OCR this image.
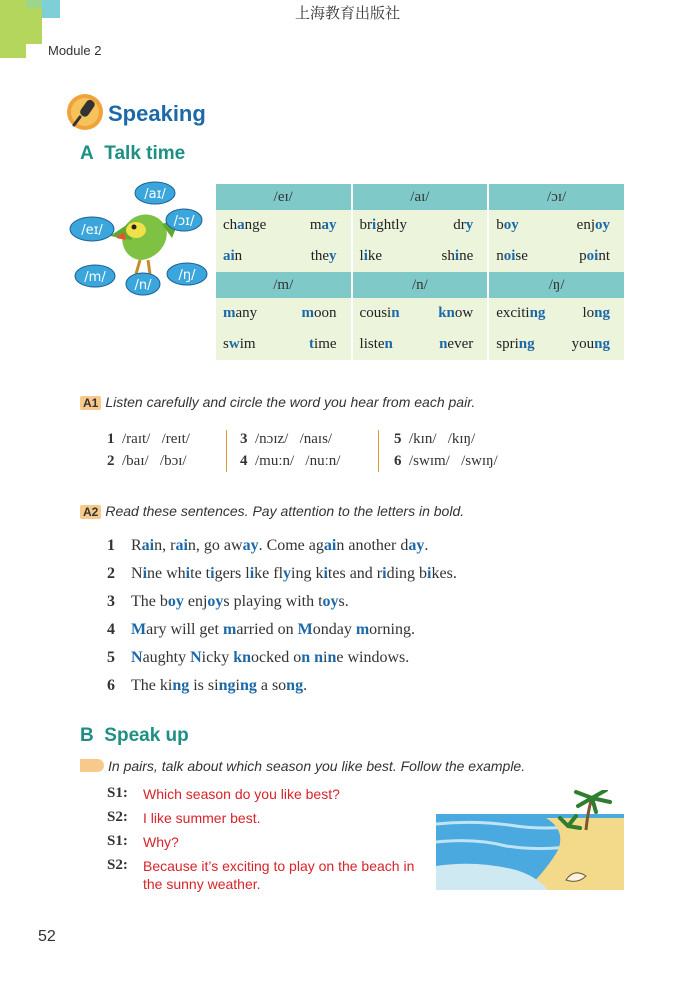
上海教育出版社
Module 2
Speaking
A Talk time
/aɪ/
/ɔɪ/
/eɪ/
/ŋ/
/m/
/n/
/eɪ/	/aɪ/	/ɔɪ/

change may	brightly dry	boy enjoy

ain they	like shine	noise point

/m/	/n/	/ŋ/

many moon	cousin know	exciting long

swim time	listen never	spring young
A1 Listen carefully and circle the word you hear from each pair.
1 /raɪt/ /reɪt/
2 /baɪ/ /bɔɪ/
3 /nɔɪz/ /naɪs/
4 /muːn/ /nuːn/
5 /kɪn/ /kɪŋ/
6 /swɪm/ /swɪŋ/
A2 Read these sentences. Pay attention to the letters in bold.
1 Rain, rain, go away. Come again another day.
2 Nine white tigers like flying kites and riding bikes.
3 The boy enjoys playing with toys.
4 Mary will get married on Monday morning.
5 Naughty Nicky knocked on nine windows.
6 The king is singing a song.
B Speak up
In pairs, talk about which season you like best. Follow the example.
S1: Which season do you like best?
S2: I like summer best.
S1: Why?
S2: Because it’s exciting to play on the beach in
the sunny weather.
52
